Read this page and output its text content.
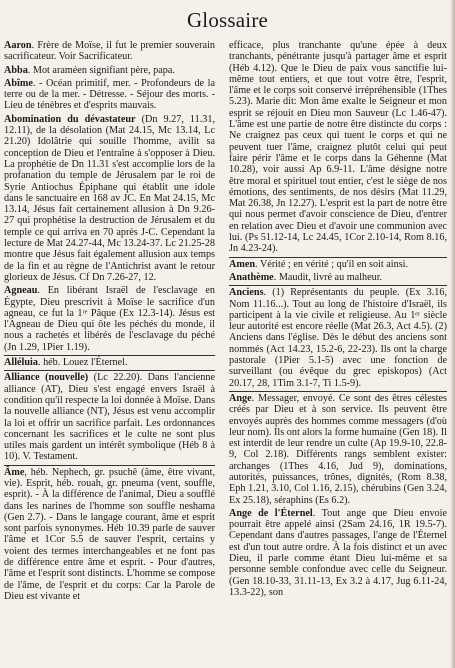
Glossaire
Aaron. Frère de Moïse, il fut le premier souverain sacrificateur. Voir Sacrificateur.
Abba. Mot araméen signifiant père, papa.
Abîme. - Océan primitif, mer. - Profondeurs de la terre ou de la mer. - Détresse. - Séjour des morts. - Lieu de ténèbres et d'esprits mauvais.
Abomination du dévastateur (Dn 9.27, 11.31, 12.11), de la désolation (Mat 24.15, Mc 13.14, Lc 21.20) Idolâtrie qui souille l'homme, avilit sa conception de Dieu et l'entraîne à s'opposer à Dieu. La prophétie de Dn 11.31 s'est accomplie lors de la profanation du temple de Jérusalem par le roi de Syrie Antiochus Épiphane qui établit une idole dans le sanctuaire en 168 av JC. En Mat 24.15, Mc 13.14, Jésus fait certainement allusion à Dn 9.26-27 qui prophétise la destruction de Jérusalem et du temple ce qui arriva en 70 après J-C. Cependant la lecture de Mat 24.27-44, Mc 13.24-37. Lc 21.25-28 montre que Jésus fait également allusion aux temps de la fin et au règne de l'Antichrist avant le retour glorieux de Jésus. Cf Dn 7.26-27, 12.
Agneau. En libérant Israël de l'esclavage en Égypte, Dieu prescrivit à Moïse le sacrifice d'un agneau, ce fut la 1ʳᵉ Pâque (Ex 12.3-14). Jésus est l'Agneau de Dieu qui ôte les péchés du monde, il nous a rachetés et libérés de l'esclavage du péché (Jn 1.29, 1Pier 1.19).
Alléluia. héb. Louez l'Éternel.
Alliance (nouvelle) (Lc 22.20). Dans l'ancienne alliance (AT), Dieu s'est engagé envers Israël à condition qu'il respecte la loi donnée à Moïse. Dans la nouvelle alliance (NT), Jésus est venu accomplir la loi et offrir un sacrifice parfait. Les ordonnances concernant les sacrifices et le culte ne sont plus utiles mais gardent un intérêt symbolique (Héb 8 à 10). V. Testament.
Âme, héb. Nephech, gr. psuchê (âme, être vivant, vie). Esprit, héb. rouah, gr. pneuma (vent, souffle, esprit). - À la différence de l'animal, Dieu a soufflé dans les narines de l'homme son souffle neshama (Gen 2.7). - Dans le langage courant, âme et esprit sont parfois synonymes. Héb 10.39 parle de sauver l'âme et 1Cor 5.5 de sauver l'esprit, certains y voient des termes interchangeables et ne font pas de différence entre âme et esprit. - Pour d'autres, l'âme et l'esprit sont distincts. L'homme se compose de l'âme, de l'esprit et du corps: Car la Parole de Dieu est vivante et
efficace, plus tranchante qu'une épée à deux tranchants, pénétrante jusqu'à partager âme et esprit (Héb 4.12). Que le Dieu de paix vous sanctifie lui-même tout entiers, et que tout votre être, l'esprit, l'âme et le corps soit conservé irrépréhensible (1Thes 5.23). Marie dit: Mon âme exalte le Seigneur et mon esprit se réjouit en Dieu mon Sauveur (Lc 1.46-47). L'âme est une partie de notre être distincte du corps : Ne craignez pas ceux qui tuent le corps et qui ne peuvent tuer l'âme, craignez plutôt celui qui peut faire périr l'âme et le corps dans la Géhenne (Mat 10.28), voir aussi Ap 6.9-11. L'âme désigne notre être moral et spirituel tout entier, c'est le siège de nos émotions, des sentiments, de nos désirs (Mat 11.29, Mat 26.38, Jn 12.27). L'esprit est la part de notre être qui nous permet d'avoir conscience de Dieu, d'entrer en relation avec Dieu et d'avoir une communion avec lui. (Ps 51.12-14, Lc 24.45, 1Cor 2.10-14, Rom 8.16, Jn 4.23-24).
Amen. Vérité ; en vérité ; qu'il en soit ainsi.
Anathème. Maudit, livré au malheur.
Anciens. (1) Représentants du peuple. (Ex 3.16, Nom 11.16...). Tout au long de l'histoire d'Israël, ils participent à la vie civile et religieuse. Au 1ᵉʳ siècle leur autorité est encore réelle (Mat 26.3, Act 4.5). (2) Anciens dans l'église. Dès le début des anciens sont nommés (Act 14.23, 15.2-6, 22-23). Ils ont la charge pastorale (1Pier 5.1-5) avec une fonction de surveillant (ou évêque du grec episkopos) (Act 20.17, 28, 1Tim 3.1-7, Ti 1.5-9).
Ange. Messager, envoyé. Ce sont des êtres célestes créés par Dieu et à son service. Ils peuvent être envoyés auprès des hommes comme messagers (d'où leur nom). Ils ont alors la forme humaine (Gen 18). Il est interdit de leur rendre un culte (Ap 19.9-10, 22.8-9, Col 2.18). Différents rangs semblent exister: archanges (1Thes 4.16, Jud 9), dominations, autorités, puissances, trônes, dignités, (Rom 8.38, Eph 1.21, 3.10, Col 1.16, 2.15), chérubins (Gen 3.24, Ex 25.18), séraphins (Es 6.2).
Ange de l'Éternel. Tout ange que Dieu envoie pourrait être appelé ainsi (2Sam 24.16, 1R 19.5-7). Cependant dans d'autres passages, l'ange de l'Éternel est d'un tout autre ordre. À la fois distinct et un avec Dieu, il parle comme étant Dieu lui-même et sa personne semble confondue avec celle du Seigneur. (Gen 18.10-33, 31.11-13, Ex 3.2 à 4.17, Jug 6.11-24, 13.3-22), son
